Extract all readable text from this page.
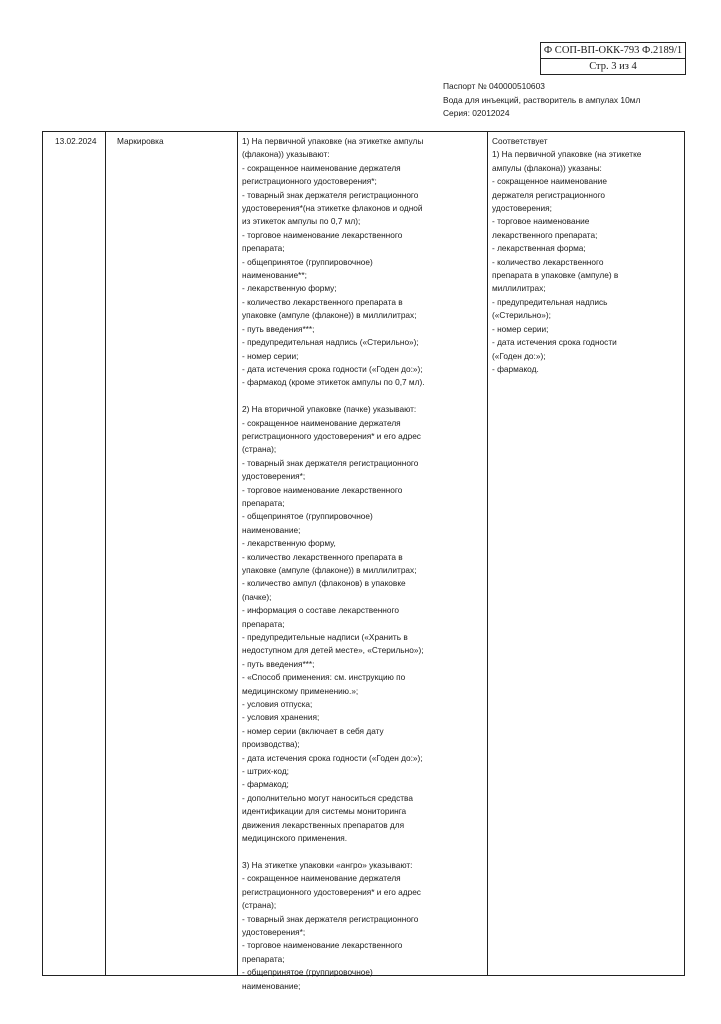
Ф СОП-ВП-ОКК-793 Ф.2189/1
Стр. 3 из 4
Паспорт № 040000510603
Вода для инъекций, растворитель в ампулах 10мл
Серия: 02012024
13.02.2024	Маркировка	1) На первичной упаковке (на этикетке ампулы
(флакона)) указывают:
- сокращенное наименование держателя
регистрационного удостоверения*;
- товарный знак держателя регистрационного
удостоверения*(на этикетке флаконов и одной
из этикеток ампулы по 0,7 мл);
- торговое наименование лекарственного
препарата;
- общепринятое (группировочное)
наименование**;
- лекарственную форму;
- количество лекарственного препарата в
упаковке (ампуле (флаконе)) в миллилитрах;
- путь введения***;
- предупредительная надпись («Стерильно»);
- номер серии;
- дата истечения срока годности («Годен до:»);
- фармакод (кроме этикеток ампулы по 0,7 мл).
2) На вторичной упаковке (пачке) указывают:
- сокращенное наименование держателя
регистрационного удостоверения* и его адрес
(страна);
- товарный знак держателя регистрационного
удостоверения*;
- торговое наименование лекарственного
препарата;
- общепринятое (группировочное)
наименование;
- лекарственную форму,
- количество лекарственного препарата в
упаковке (ампуле (флаконе)) в миллилитрах;
- количество ампул (флаконов) в упаковке
(пачке);
- информация о составе лекарственного
препарата;
- предупредительные надписи («Хранить в
недоступном для детей месте», «Стерильно»);
- путь введения***;
- «Способ применения: см. инструкцию по
медицинскому применению.»;
- условия отпуска;
- условия хранения;
- номер серии (включает в себя дату
производства);
- дата истечения срока годности («Годен до:»);
- штрих-код;
- фармакод;
- дополнительно могут наноситься средства
идентификации для системы мониторинга
движения лекарственных препаратов для
медицинского применения.
3) На этикетке упаковки «ангро» указывают:
- сокращенное наименование держателя
регистрационного удостоверения* и его адрес
(страна);
- товарный знак держателя регистрационного
удостоверения*;
- торговое наименование лекарственного
препарата;
- общепринятое (группировочное)
наименование;
Соответствует
1) На первичной упаковке (на этикетке
ампулы (флакона)) указаны:
- сокращенное наименование
держателя регистрационного
удостоверения;
- торговое наименование
лекарственного препарата;
- лекарственная форма;
- количество лекарственного
препарата в упаковке (ампуле) в
миллилитрах;
- предупредительная надпись
(«Стерильно»);
- номер серии;
- дата истечения срока годности
(«Годен до:»);
- фармакод.
